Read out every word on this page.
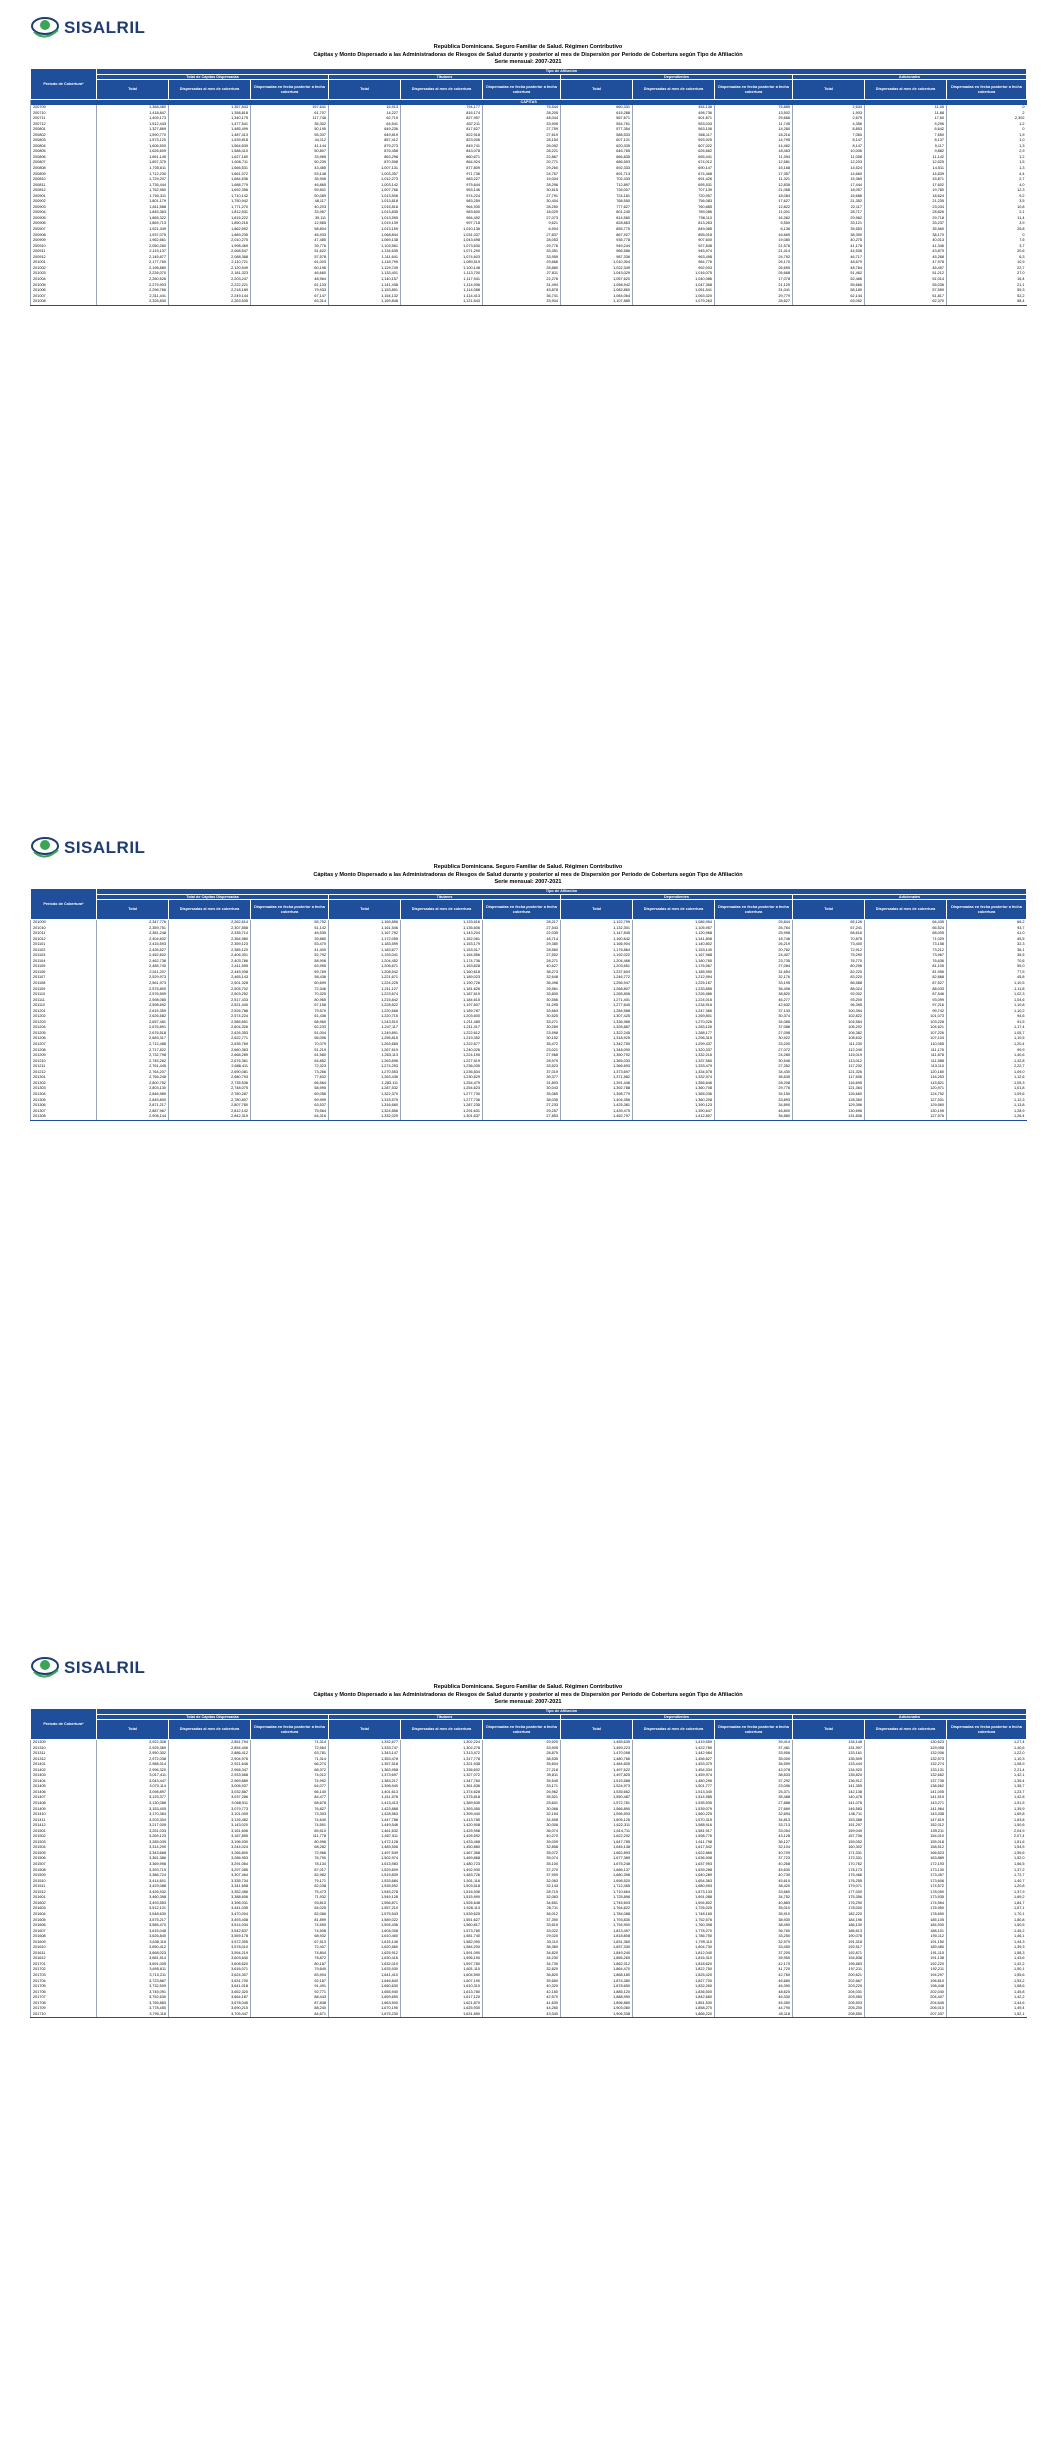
SISALRIL
República Dominicana. Seguro Familiar de Salud. Régimen Contributivo
Cápitas y Monto Dispersado a las Administradoras de Riesgos de Salud durante y posterior al mes de Dispersión por Período de Cobertura según Tipo de Afiliación
Serie mensual: 2007-2021
Período de Cobertura*	Tipo de Afiliación											
	Total de Cápitas Dispersadas			Titulares			Dependientes			Adicionales		
	Total	Dispersadas al mes de cobertura	Dispersadas en fecha posterior a fecha cobertura	Total	Dispersadas al mes de cobertura	Dispersadas en fecha posterior a fecha cobertura	Total	Dispersadas al mes de cobertura	Dispersadas en fecha posterior a fecha cobertura	Total	Dispersadas al mes de cobertura	Dispersadas en fecha posterior a fecha cobertura
CÁPITAS												
200709	1,368,480	1,357,843	157,641	16,913	794,177	76,544	660,331	454,136	76,885	2,634	11,05	0
200710	1,418,847	1,358,818	61,707	14,227	816,174	28,205	615,288	498,736	13,502	1,903	11,88	2
200711	1,409,173	1,340,175	117,746	62,719	827,957	48,044	567,671	501,871	25,666	2,679	17,60	2,302
200712	1,512,443	1,477,541	35,302	64,541	837,211	33,905	554,761	553,033	11,745	4,356	5,296	1,2
200801	1,327,869	1,485,499	50,195	649,236	817,627	27,759	577,354	563,106	14,280	8,853	6,642	0
200802	1,590,770	1,487,413	55,337	649,819	822,918	27,619	588,533	566,117	18,216	7,060	7,650	1,9
200803	1,573,120	1,539,818	44,112	857,412	823,006	28,154	607,101	593,925	14,795	8,147	8,137	1,0
200804	1,606,500	1,564,639	41,144	879,273	849,741	26,092	620,339	607,022	14,462	8,147	9,117	1,3
200805	1,626,609	1,588,410	50,807	876,458	843,078	28,221	646,765	626,662	18,463	10,006	9,882	2,9
200806	1,661,145	1,627,180	33,965	863,298	860,671	22,867	666,835	655,441	11,394	11,058	11,142	1,2
200807	1,657,375	1,606,711	50,239	870,598	864,924	20,771	686,593	674,012	12,581	12,203	12,525	1,5
200808	1,705,611	1,666,531	43,485	1,007,131	877,809	29,260	692,333	690,147	15,168	14,524	14,511	1,3
200809	1,712,230	1,661,372	53,148	1,003,357	971,736	24,767	691,713	674,468	17,357	14,660	14,639	4,4
200810	1,729,207	1,684,536	35,906	1,012,273	983,227	19,004	702,433	691,426	11,321	15,369	15,871	2,7
200811	1,735,444	1,688,779	46,865	1,003,142	975,644	28,296	712,897	695,531	12,835	17,444	17,602	4,0
200812	1,752,960	1,692,356	59,601	1,007,766	953,146	30,615	726,007	707,139	21,068	18,057	19,780	12,3
200901	1,760,311	1,710,142	50,069	1,013,506	974,224	27,791	724,181	720,957	18,084	16,686	18,624	9,2
200902	1,801,179	1,750,942	48,117	1,013,818	983,259	30,404	768,550	756,083	17,627	21,352	21,235	3,5
200903	1,811,588	1,771,270	40,203	1,015,818	964,930	28,250	777,627	760,885	12,822	22,117	23,034	10,8
200904	1,845,363	1,812,531	33,957	1,013,835	983,600	18,029	801,245	789,086	11,001	28,717	28,826	2,1
200905	1,865,322	1,815,222	39,111	1,013,595	984,492	27,073	814,580	798,110	16,362	29,962	29,718	11,4
200906	1,869,713	1,850,216	12,565	1,019,139	997,718	9,621	828,863	813,263	5,550	33,121	33,237	3,9
200907	1,921,349	1,862,592	58,804	1,013,159	1,010,136	6,904	855,775	849,085	6,136	35,553	35,560	25,8
200908	1,937,075	1,889,235	46,933	1,068,844	1,031,037	27,837	867,927	855,018	16,669	38,390	38,170	0
200909	1,962,661	2,010,275	47,485	1,069,138	1,043,698	28,053	935,778	907,600	19,080	40,275	40,013	7,6
200910	2,050,260	1,998,469	39,776	1,103,561	1,073,630	29,776	949,244	927,848	21,576	41,178	41,346	3,7
200911	2,119,137	2,068,547	51,622	1,134,635	1,071,290	33,351	966,586	945,974	21,414	44,536	43,879	20,6
200912	2,145,877	2,088,368	57,578	1,111,641	1,074,603	33,959	987,336	963,498	24,792	46,717	45,268	6,3
201001	2,177,760	2,110,721	61,003	1,118,799	1,089,519	29,666	1,010,304	984,776	26,170	48,679	47,978	10,9
201002	2,198,880	2,120,949	60,196	1,129,749	1,100,148	25,880	1,022,349	992,003	26,695	48,784	46,457	22,7
201003	2,226,070	2,181,323	46,660	1,133,401	1,113,700	27,811	1,043,029	1,016,075	26,668	51,462	51,212	27,0
201004	2,260,526	2,203,247	48,964	1,140,157	1,117,941	22,276	1,057,620	1,040,086	17,078	52,466	51,014	15,4
201005	2,279,903	2,222,221	61,133	1,141,438	1,114,936	31,494	1,058,942	1,047,368	21,129	55,666	55,036	21,1
201006	2,296,766	2,218,189	79,933	1,153,891	1,114,088	45,878	1,082,860	1,051,541	31,041	58,180	57,559	59,3
201007	2,311,441	2,249,144	67,147	1,154,132	1,114,413	36,741	1,084,064	1,063,320	29,779	62,144	61,817	52,2
201008	2,326,830	2,263,535	63,314	1,169,848	1,121,643	33,904	1,107,885	1,079,263	28,627	63,052	62,370	58,4
SISALRIL
República Dominicana. Seguro Familiar de Salud. Régimen Contributivo
Cápitas y Monto Dispersado a las Administradoras de Riesgos de Salud durante y posterior al mes de Dispersión por Período de Cobertura según Tipo de Afiliación
Serie mensual: 2007-2021
Período de Cobertura*	Tipo de Afiliación											
	Total de Cápitas Dispersadas			Titulares			Dependientes			Adicionales		
	Total	Dispersadas al mes de cobertura	Dispersadas en fecha posterior a fecha cobertura	Total	Dispersadas al mes de cobertura	Dispersadas en fecha posterior a fecha cobertura	Total	Dispersadas al mes de cobertura	Dispersadas en fecha posterior a fecha cobertura	Total	Dispersadas al mes de cobertura	Dispersadas en fecha posterior a fecha cobertura
201009	2,347,776	2,262,614	55,752	1,169,856	1,133,616	28,217	1,122,799	1,086,954	25,844	65,126	64,435	66,2
201010	2,359,751	2,307,858	51,142	1,161,546	1,135,606	27,543	1,132,301	1,105,957	26,764	67,241	66,524	93,7
201011	2,381,248	2,335,714	46,535	1,167,792	1,143,204	22,035	1,147,845	1,120,968	25,998	68,616	68,005	41,0
201012	2,404,602	2,364,980	39,880	1,172,055	1,152,061	18,714	1,160,642	1,141,808	18,746	70,875	71,029	45,5
201101	2,415,593	2,359,123	53,470	1,183,599	1,153,179	29,380	1,166,904	1,140,802	26,219	73,400	73,158	32,3
201102	2,426,527	2,385,120	41,400	1,183,677	1,153,317	28,560	1,176,864	1,153,140	20,762	72,912	73,212	36,1
201103	2,452,602	2,406,301	52,792	1,193,041	1,164,556	27,502	1,192,022	1,167,988	24,407	75,290	73,967	36,5
201104	2,462,738	2,403,786	58,906	1,204,452	1,174,736	28,271	1,204,466	1,180,765	23,735	76,770	76,636	70,6
201105	2,485,740	2,411,595	63,995	1,206,671	1,163,828	40,627	1,203,651	1,176,567	27,084	80,296	81,105	55,0
201106	2,511,207	2,445,938	59,769	1,208,542	1,160,618	38,273	1,237,604	1,185,950	31,654	82,220	81,956	77,5
201107	2,529,973	2,465,143	58,436	1,221,671	1,189,023	32,648	1,246,772	1,212,994	32,176	83,220	82,868	45,8
201108	2,561,973	2,501,328	60,699	1,224,225	1,190,726	36,498	1,256,947	1,225,167	33,195	86,588	87,527	1,10,5
201109	2,575,800	2,505,702	72,346	1,211,127	1,181,626	29,561	1,268,807	1,233,855	36,406	88,024	88,033	1,11,8
201110	2,576,599	2,503,252	70,325	1,223,674	1,187,619	33,805	1,265,806	1,226,986	38,820	92,002	87,546	1,02,3
201111	2,598,065	2,517,433	80,965	1,215,842	1,184,615	30,556	1,271,401	1,224,016	46,277	93,200	93,099	1,04,6
201112	2,598,692	2,521,440	67,158	1,228,622	1,197,607	31,295	1,277,640	1,234,916	42,632	96,395	97,216	1,10,8
201201	2,615,359	2,526,788	79,570	1,220,666	1,189,787	33,663	1,284,588	1,247,366	37,133	100,394	99,742	1,10,2
201202	2,626,582	2,574,224	61,436	1,220,715	1,203,600	30,525	1,307,425	1,269,801	30,374	102,822	101,073	94,6
201203	2,657,481	2,586,651	68,960	1,243,510	1,211,485	33,271	1,336,986	1,270,026	34,085	104,564	103,228	91,5
201204	2,676,891	2,604,326	62,233	1,247,117	1,211,417	30,269	1,326,887	1,283,126	37,088	106,202	104,621	1,17,4
201205	2,676,518	2,626,353	51,004	1,249,891	1,222,612	23,998	1,322,245	1,288,177	27,098	106,382	107,226	1,05,7
201206	2,683,317	2,622,771	56,096	1,256,815	1,219,352	30,152	1,318,925	1,296,315	30,922	108,632	107,104	1,10,5
201207	2,712,488	2,635,769	70,079	1,263,665	1,222,677	35,472	1,342,750	1,299,437	33,200	111,230	110,055	1,20,4
201208	2,717,822	2,660,363	51,219	1,267,619	1,240,026	23,021	1,348,090	1,320,337	27,072	112,240	111,176	99,9
201209	2,732,798	2,668,289	61,580	1,263,113	1,224,195	27,968	1,350,792	1,332,216	24,285	115,019	111,878	1,40,6
201210	2,745,262	2,676,361	64,852	1,263,696	1,227,519	28,979	1,365,033	1,337,560	30,546	113,012	111,588	1,42,8
201211	2,761,445	2,686,411	72,323	1,274,253	1,236,030	33,523	1,366,693	1,333,479	27,352	117,232	113,110	2,22,7
201212	2,764,207	2,690,081	73,266	1,270,553	1,236,834	37,019	1,373,697	1,334,578	34,430	121,326	120,180	1,09,0
201301	2,756,248	2,680,793	77,602	1,263,436	1,230,629	39,377	1,371,582	1,332,974	36,635	117,606	116,253	1,12,6
201302	2,800,752	2,735,536	66,564	1,283,111	1,254,479	31,803	1,391,446	1,356,646	28,208	116,695	115,821	1,05,3
201303	2,803,130	2,748,075	58,995	1,287,532	1,254,623	30,043	1,392,788	1,360,708	29,776	121,364	120,971	1,01,8
201304	2,846,989	2,780,287	69,056	1,322,370	1,277,730	35,065	1,398,779	1,365,036	34,150	126,660	124,752	1,09,6
201305	2,845,800	2,780,807	69,999	1,315,575	1,277,736	38,035	1,404,356	1,360,208	33,893	128,360	127,531	1,12,3
201306	2,871,217	2,807,780	63,537	1,316,660	1,287,235	27,233	1,425,381	1,390,123	34,890	129,396	129,560	1,13,8
201307	2,887,967	2,812,142	75,564	1,324,856	1,291,631	29,257	1,439,475	1,390,647	46,800	130,696	130,195	1,28,9
201308	2,908,144	2,842,319	64,316	1,332,029	1,301,637	27,853	1,452,797	1,412,807	36,880	131,836	127,576	1,26,4
SISALRIL
República Dominicana. Seguro Familiar de Salud. Régimen Contributivo
Cápitas y Monto Dispersado a las Administradoras de Riesgos de Salud durante y posterior al mes de Dispersión por Período de Cobertura según Tipo de Afiliación
Serie mensual: 2007-2021
Período de Cobertura*	Tipo de Afiliación											
	Total de Cápitas Dispersadas			Titulares			Dependientes			Adicionales		
	Total	Dispersadas al mes de cobertura	Dispersadas en fecha posterior a fecha cobertura	Total	Dispersadas al mes de cobertura	Dispersadas en fecha posterior a fecha cobertura	Total	Dispersadas al mes de cobertura	Dispersadas en fecha posterior a fecha cobertura	Total	Dispersadas al mes de cobertura	Dispersadas en fecha posterior a fecha cobertura
201309	2,922,308	2,851,794	71,314	1,332,677	1,302,224	29,920	1,455,635	1,419,559	39,414	134,148	130,623	1,27,4
201310	2,925,369	2,854,406	72,564	1,333,747	1,302,278	33,905	1,459,223	1,422,789	37,481	131,997	129,058	1,40,6
201311	2,950,302	2,886,412	63,781	1,343,147	1,313,472	28,875	1,470,098	1,442,984	33,906	133,161	132,006	1,22,0
201312	2,972,038	2,904,976	71,314	1,353,478	1,317,778	38,535	1,480,766	1,456,627	35,000	135,509	132,573	1,10,3
201401	2,988,314	2,921,646	66,274	1,357,518	1,321,938	35,604	1,484,605	1,453,379	36,599	133,444	132,274	1,08,9
201402	2,996,320	2,968,347	68,372	1,363,958	1,336,602	27,218	1,497,622	1,454,334	42,078	134,920	133,131	2,21,4
201403	3,017,411	2,933,568	74,012	1,373,697	1,327,072	39,811	1,497,825	1,459,974	38,633	135,820	132,662	1,42,1
201404	3,043,447	2,969,889	74,992	1,383,217	1,347,760	35,545	1,515,588	1,480,296	37,292	136,912	137,735	1,35,4
201405	3,070,114	3,006,937	64,077	1,398,940	1,361,636	33,171	1,524,973	1,501,777	23,096	141,355	138,562	1,35,7
201406	3,098,897	3,032,887	66,140	1,401,613	1,374,628	26,962	1,535,662	1,513,340	25,371	142,138	141,005	1,23,7
201407	3,125,377	3,037,286	84,477	1,411,578	1,375,818	35,521	1,550,487	1,514,985	35,488	140,478	141,519	1,42,8
201408	3,130,088	3,068,511	68,678	1,413,413	1,389,635	25,601	1,572,781	1,535,535	27,888	141,076	143,271	1,51,5
201409	3,153,405	3,079,773	76,827	1,423,888	1,393,450	30,066	1,566,890	1,539,079	27,669	146,583	141,964	1,39,9
201410	3,170,364	3,101,009	73,303	1,428,563	1,399,440	32,154	1,596,903	1,560,225	32,694	146,711	143,338	1,69,8
201411	3,203,304	3,126,482	74,640	1,447,788	1,413,785	34,508	1,605,126	1,570,315	34,813	153,388	147,619	1,63,8
201412	3,217,009	3,143,020	74,591	1,449,546	1,420,908	30,006	1,622,311	1,588,916	33,713	151,297	152,012	1,50,6
201501	3,251,033	3,161,606	89,510	1,461,632	1,425,958	36,074	1,614,711	1,581,917	33,054	159,049	159,211	2,04,9
201502	3,269,123	3,187,895	111,778	1,467,511	1,426,592	40,270	1,622,202	1,598,776	43,128	157,706	154,010	2,07,4
201503	3,285,039	3,196,930	80,996	1,472,128	1,433,468	39,009	1,647,785	1,611,798	36,127	159,052	155,018	1,51,6
201504	3,314,290	3,244,024	68,282	1,483,506	1,450,880	32,858	1,645,138	1,617,542	32,104	160,302	158,512	1,54,5
201505	3,343,668	3,266,800	72,966	1,497,549	1,467,368	35,072	1,662,893	1,622,866	40,709	171,331	166,623	1,59,6
201506	3,361,386	3,286,953	76,790	1,502,974	1,469,868	35,074	1,677,389	1,636,908	37,723	172,331	163,889	1,52,0
201507	3,369,998	3,291,064	78,134	1,513,983	1,480,723	35,100	1,675,248	1,637,993	40,268	170,762	172,193	1,56,5
201508	3,393,719	3,297,085	87,017	1,529,609	1,492,930	37,270	1,686,137	1,639,288	45,630	178,173	173,130	1,37,2
201509	3,386,724	3,307,464	82,982	1,519,839	1,483,726	37,900	1,680,396	1,640,289	40,730	175,466	173,457	1,72,7
201510	3,414,601	3,335,734	79,171	1,533,684	1,501,116	32,063	1,698,520	1,654,363	45,610	176,255	173,606	1,40,7
201511	3,429,088	3,341,698	82,038	1,535,592	1,503,518	32,143	1,712,455	1,680,993	38,420	179,071	174,572	1,20,8
201512	3,426,932	3,352,456	75,473	1,545,278	1,516,936	28,715	1,710,664	1,673,133	33,660	177,000	178,090	1,37,9
201601	3,460,398	3,388,606	71,932	1,549,128	1,515,990	32,063	1,725,896	1,691,088	34,752	175,356	173,935	1,69,2
201602	3,493,553	3,396,031	93,810	1,556,871	1,526,648	34,651	1,745,603	1,694,802	40,883	176,290	174,564	1,84,7
201603	3,512,101	3,441,035	64,025	1,557,210	1,528,113	26,711	1,764,622	1,726,025	35,010	178,000	176,950	1,67,1
201604	3,548,630	3,470,004	82,066	1,575,543	1,539,625	36,012	1,784,088	1,748,165	35,910	182,220	178,690	1,70,1
201605	3,575,217	3,493,408	81,899	1,589,022	1,551,627	37,390	1,793,830	1,752,576	38,930	184,196	185,105	1,80,8
201606	3,585,470	3,514,034	74,590	1,594,436	1,560,817	33,619	1,794,900	1,760,398	38,490	186,130	184,930	1,50,5
201607	3,615,048	3,542,637	74,508	1,604,008	1,573,780	33,022	1,813,497	1,778,270	36,760	186,613	188,101	1,45,2
201608	3,626,840	3,559,178	68,932	1,610,460	1,581,740	29,020	1,818,808	1,786,750	33,250	190,078	190,112	1,46,1
201609	3,638,116	3,572,305	67,513	1,615,146	1,582,090	33,110	1,831,360	1,799,110	32,970	191,318	191,150	1,44,3
201610	3,650,412	3,578,010	72,407	1,620,560	1,584,200	36,360	1,837,330	1,804,730	33,450	192,517	189,480	1,39,3
201611	3,668,023	3,594,219	74,804	1,625,912	1,591,090	34,820	1,849,240	1,812,040	37,200	192,871	191,115	1,58,3
201612	3,681,514	3,603,640	78,872	1,630,416	1,596,190	34,230	1,856,260	1,816,310	39,950	194,838	191,138	1,43,6
201701	3,691,005	3,608,620	80,187	1,632,010	1,597,780	34,730	1,862,312	1,818,620	42,170	196,683	192,220	1,42,2
201702	3,695,611	3,616,071	79,640	1,633,930	1,601,110	32,820	1,864,470	1,822,750	41,720	197,211	192,211	1,50,1
201703	3,710,211	3,624,307	83,904	1,641,410	1,604,590	36,820	1,868,180	1,825,420	42,760	200,621	194,297	1,55,6
201704	3,723,887	3,631,700	92,187	1,646,840	1,607,190	39,650	1,874,380	1,827,700	46,680	202,667	196,810	1,53,2
201705	3,732,509	3,641,018	91,491	1,650,630	1,610,310	40,320	1,878,650	1,832,260	46,390	203,229	198,448	1,58,6
201706	3,745,091	3,652,320	92,771	1,655,940	1,613,780	42,160	1,885,120	1,836,500	48,620	204,031	202,040	1,45,8
201707	3,752,630	3,664,187	88,443	1,659,690	1,617,120	42,570	1,888,990	1,842,660	46,330	203,950	204,407	1,42,2
201708	3,765,883	3,678,045	87,838	1,663,500	1,621,870	41,630	1,896,880	1,851,530	45,350	205,503	204,645	1,44,6
201709	3,778,450	3,690,210	88,240	1,670,190	1,625,930	44,260	1,903,060	1,858,270	44,790	205,200	206,010	1,49,4
201710	3,790,118	3,705,447	84,671	1,675,230	1,631,890	43,340	1,906,338	1,866,220	40,118	208,550	207,337	1,52,1
